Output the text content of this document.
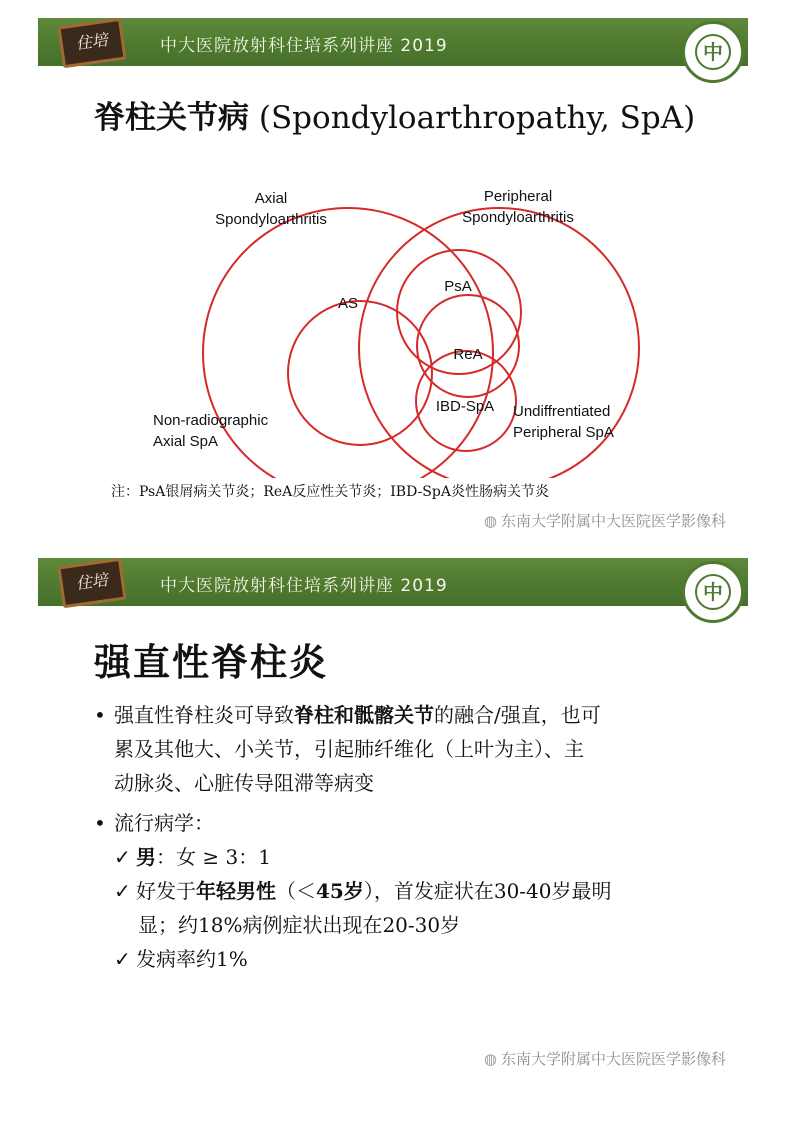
住培	中大医院放射科住培系列讲座 2019	中
脊柱关节病 (Spondyloarthropathy, SpA)
Axial
Spondyloarthritis
Peripheral
Spondyloarthritis
AS
PsA
ReA
IBD-SpA
Non-radiographic
Axial SpA
Undiffrentiated
Peripheral SpA
注：PsA银屑病关节炎；ReA反应性关节炎；IBD-SpA炎性肠病关节炎
◍ 东南大学附属中大医院医学影像科
住培	中大医院放射科住培系列讲座 2019	中
强直性脊柱炎
• 强直性脊柱炎可导致脊柱和骶髂关节的融合/强直，也可
累及其他大、小关节，引起肺纤维化（上叶为主）、主
动脉炎、心脏传导阻滞等病变
• 流行病学：
✓ 男：女 ≥ 3：1
✓ 好发于年轻男性（＜45岁），首发症状在30-40岁最明
显；约18%病例症状出现在20-30岁
✓ 发病率约1%
◍ 东南大学附属中大医院医学影像科
